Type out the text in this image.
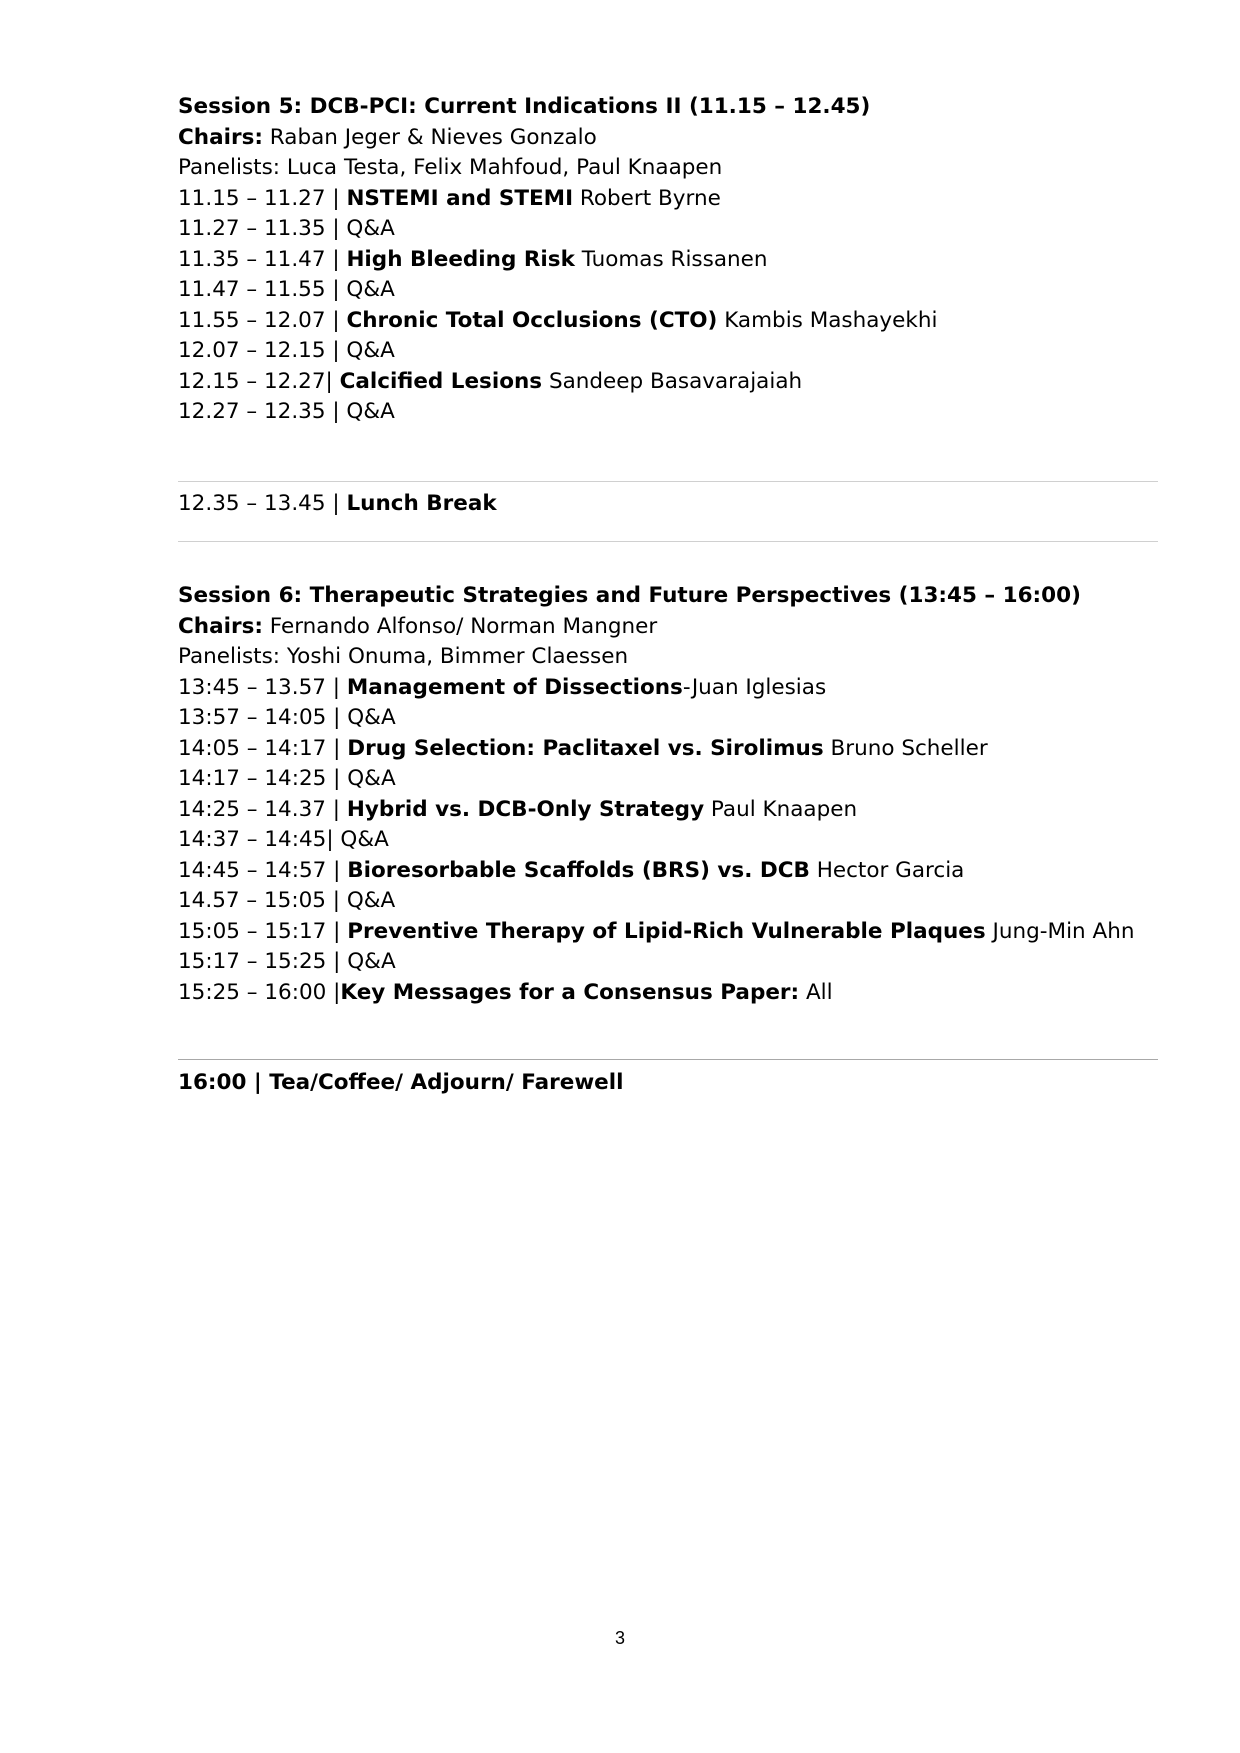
Session 5: DCB-PCI: Current Indications II (11.15 – 12.45)
Chairs: Raban Jeger & Nieves Gonzalo
Panelists: Luca Testa, Felix Mahfoud, Paul Knaapen
11.15 – 11.27 | NSTEMI and STEMI Robert Byrne
11.27 – 11.35 | Q&A
11.35 – 11.47 | High Bleeding Risk Tuomas Rissanen
11.47 – 11.55 | Q&A
11.55 – 12.07 | Chronic Total Occlusions (CTO) Kambis Mashayekhi
12.07 – 12.15 | Q&A
12.15 – 12.27| Calcified Lesions Sandeep Basavarajaiah
12.27 – 12.35 | Q&A
12.35 – 13.45 | Lunch Break
Session 6: Therapeutic Strategies and Future Perspectives (13:45 – 16:00)
Chairs: Fernando Alfonso/ Norman Mangner
Panelists: Yoshi Onuma, Bimmer Claessen
13:45 – 13.57 | Management of Dissections-Juan Iglesias
13:57 – 14:05 | Q&A
14:05 – 14:17 | Drug Selection: Paclitaxel vs. Sirolimus Bruno Scheller
14:17 – 14:25 | Q&A
14:25 – 14.37 | Hybrid vs. DCB-Only Strategy Paul Knaapen
14:37 – 14:45| Q&A
14:45 – 14:57 | Bioresorbable Scaffolds (BRS) vs. DCB Hector Garcia
14.57 – 15:05 | Q&A
15:05 – 15:17 | Preventive Therapy of Lipid-Rich Vulnerable Plaques Jung-Min Ahn
15:17 – 15:25 | Q&A
15:25 – 16:00 |Key Messages for a Consensus Paper: All
16:00 | Tea/Coffee/ Adjourn/ Farewell
3
